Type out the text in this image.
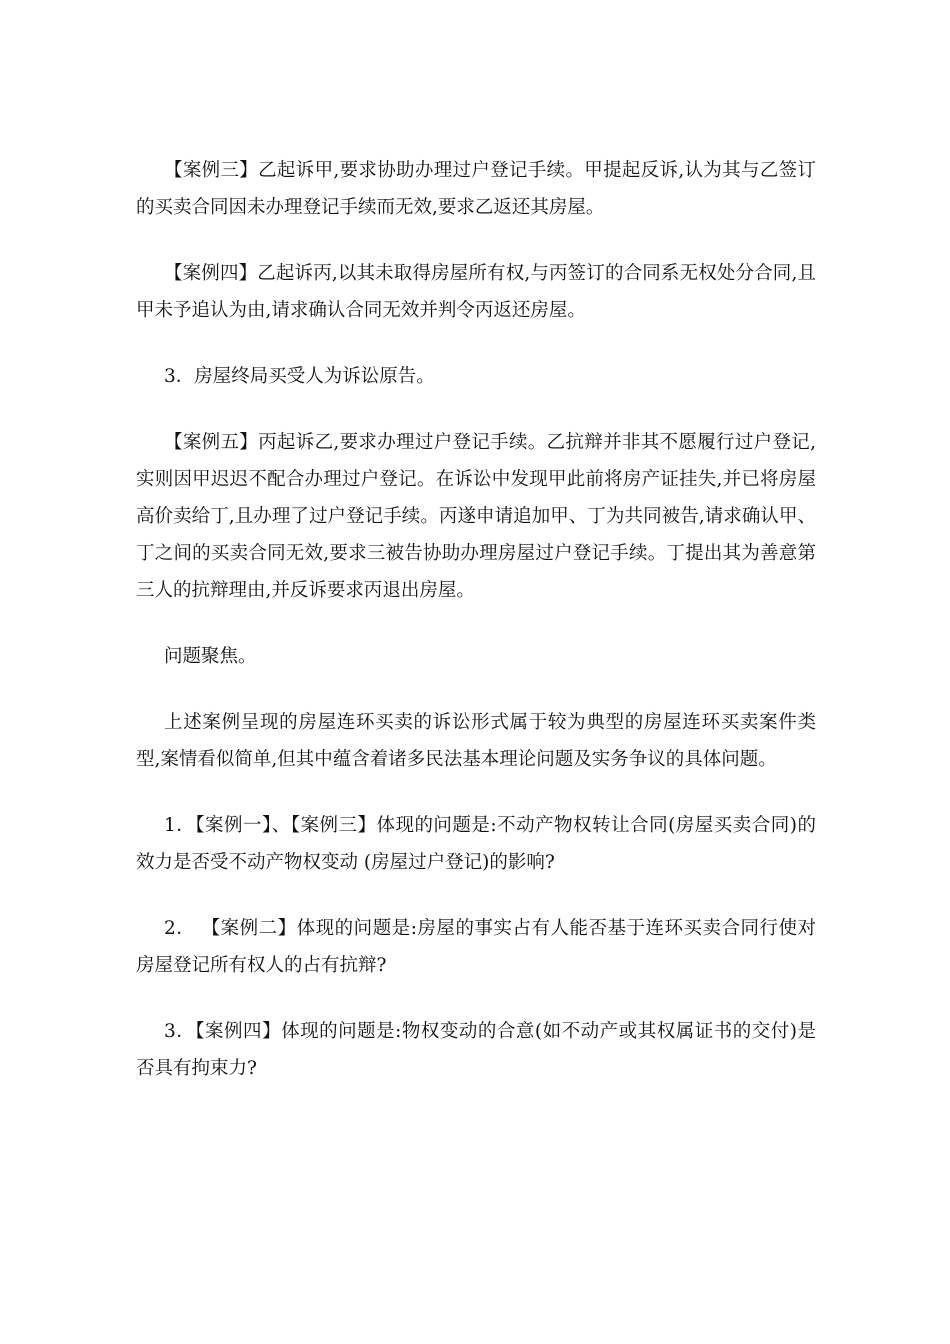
【案例三】乙起诉甲,要求协助办理过户登记手续。甲提起反诉,认为其与乙签订的买卖合同因未办理登记手续而无效,要求乙返还其房屋。

【案例四】乙起诉丙,以其未取得房屋所有权,与丙签订的合同系无权处分合同,且甲未予追认为由,请求确认合同无效并判令丙返还房屋。

3．房屋终局买受人为诉讼原告。

【案例五】丙起诉乙,要求办理过户登记手续。乙抗辩并非其不愿履行过户登记,实则因甲迟迟不配合办理过户登记。在诉讼中发现甲此前将房产证挂失,并已将房屋高价卖给丁,且办理了过户登记手续。丙遂申请追加甲、丁为共同被告,请求确认甲、丁之间的买卖合同无效,要求三被告协助办理房屋过户登记手续。丁提出其为善意第三人的抗辩理由,并反诉要求丙退出房屋。

问题聚焦。

上述案例呈现的房屋连环买卖的诉讼形式属于较为典型的房屋连环买卖案件类型,案情看似简单,但其中蕴含着诸多民法基本理论问题及实务争议的具体问题。

1．【案例一】、【案例三】体现的问题是:不动产物权转让合同(房屋买卖合同)的效力是否受不动产物权变动 (房屋过户登记)的影响?

2． 【案例二】体现的问题是:房屋的事实占有人能否基于连环买卖合同行使对房屋登记所有权人的占有抗辩?

3．【案例四】体现的问题是:物权变动的合意(如不动产或其权属证书的交付)是否具有拘束力?
